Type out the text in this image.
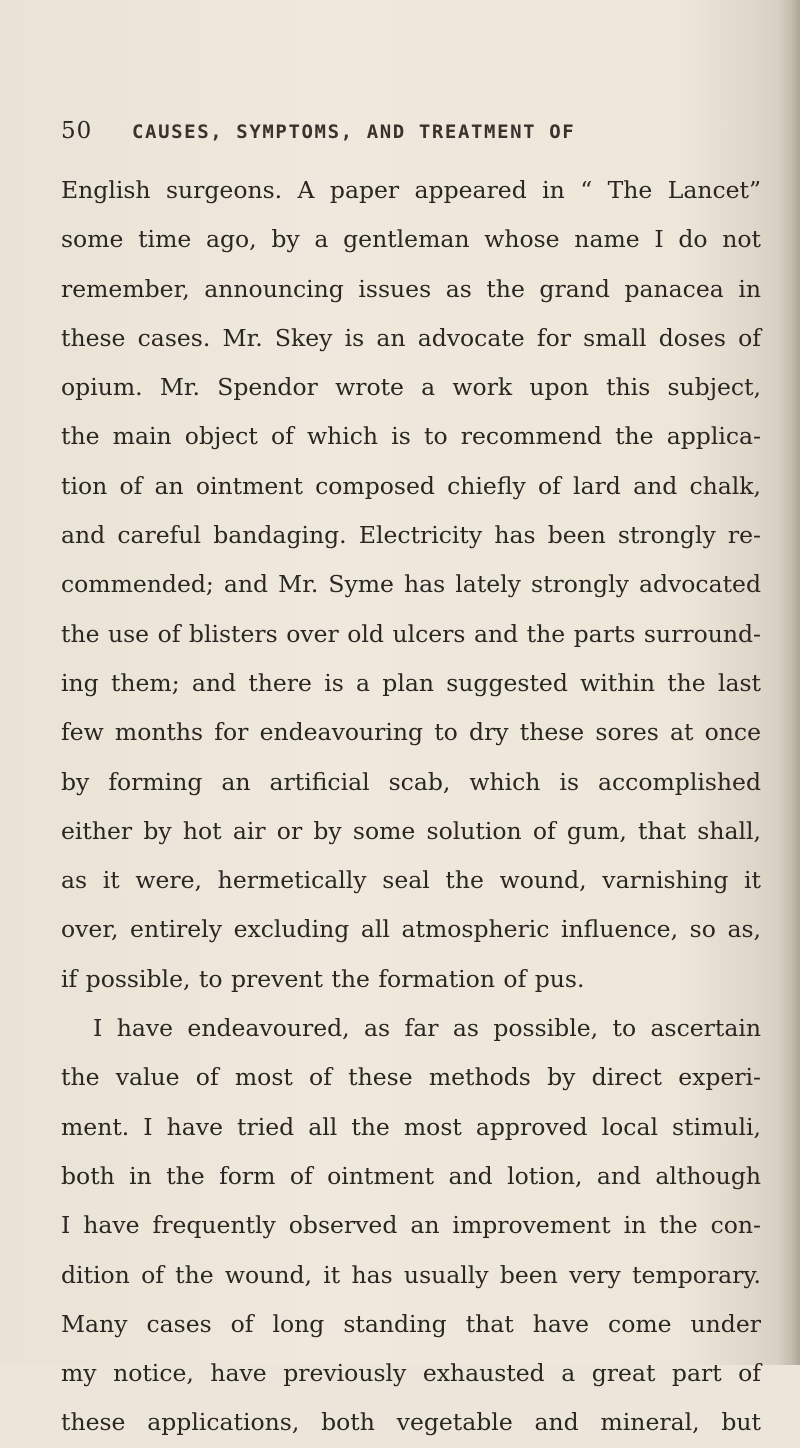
50 CAUSES, SYMPTOMS, AND TREATMENT OF
English surgeons. A paper appeared in “ The Lancet”
some time ago, by a gentleman whose name I do not
remember, announcing issues as the grand panacea in
these cases. Mr. Skey is an advocate for small doses of
opium. Mr. Spendor wrote a work upon this subject,
the main object of which is to recommend the applica-
tion of an ointment composed chiefly of lard and chalk,
and careful bandaging. Electricity has been strongly re-
commended; and Mr. Syme has lately strongly advocated
the use of blisters over old ulcers and the parts surround-
ing them; and there is a plan suggested within the last
few months for endeavouring to dry these sores at once
by forming an artificial scab, which is accomplished
either by hot air or by some solution of gum, that shall,
as it were, hermetically seal the wound, varnishing it
over, entirely excluding all atmospheric influence, so as,
if possible, to prevent the formation of pus.
I have endeavoured, as far as possible, to ascertain
the value of most of these methods by direct experi-
ment. I have tried all the most approved local stimuli,
both in the form of ointment and lotion, and although
I have frequently observed an improvement in the con-
dition of the wound, it has usually been very temporary.
Many cases of long standing that have come under
my notice, have previously exhausted a great part of
these applications, both vegetable and mineral, but
